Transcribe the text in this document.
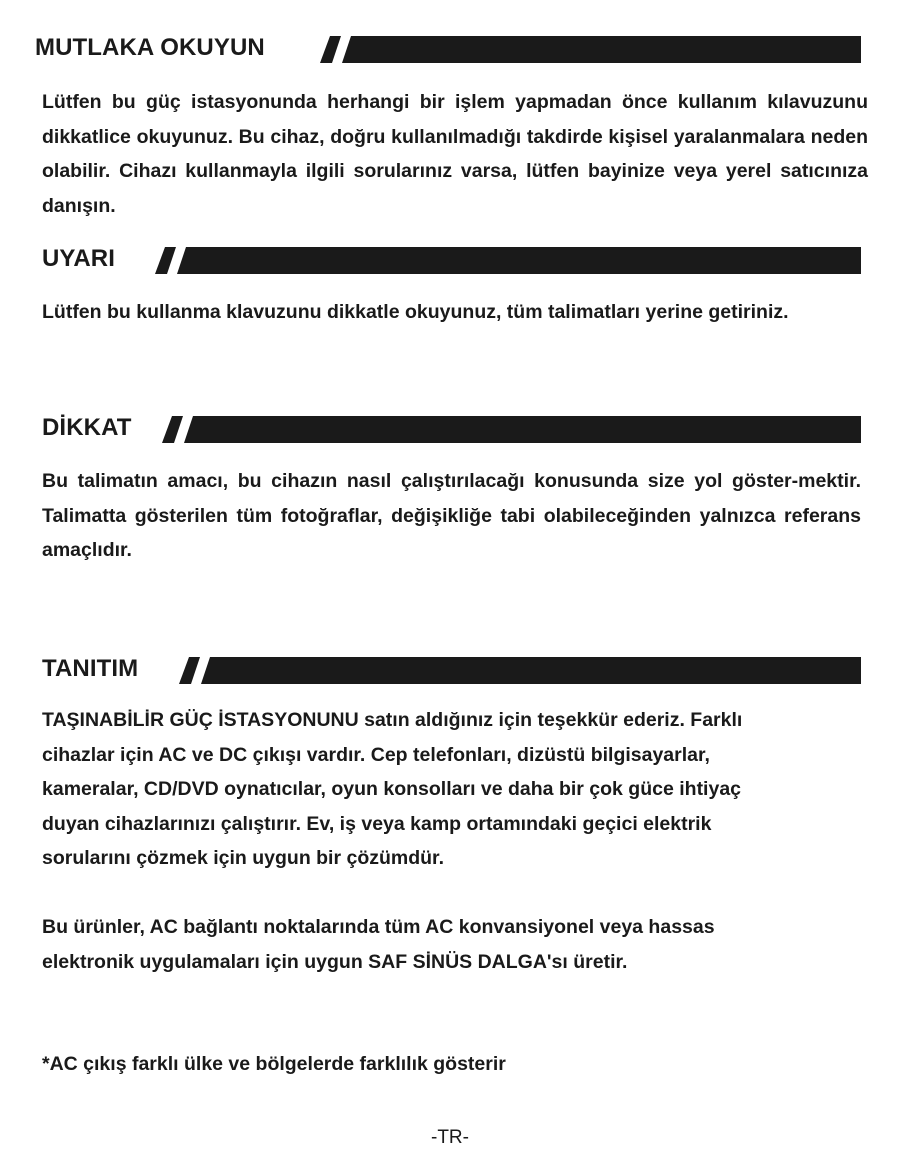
MUTLAKA OKUYUN
Lütfen bu güç istasyonunda herhangi bir işlem yapmadan önce kullanım kılavuzunu dikkatlice okuyunuz. Bu cihaz, doğru kullanılmadığı takdirde kişisel yaralanmalara neden olabilir. Cihazı kullanmayla ilgili sorularınız varsa, lütfen bayinize veya yerel satıcınıza danışın.
UYARI
Lütfen bu kullanma klavuzunu dikkatle okuyunuz, tüm talimatları yerine getiriniz.
DİKKAT
Bu talimatın amacı, bu cihazın nasıl çalıştırılacağı konusunda size yol göster-mektir. Talimatta gösterilen tüm fotoğraflar, değişikliğe tabi olabileceğinden yalnızca referans amaçlıdır.
TANITIM
TAŞINABİLİR GÜÇ İSTASYONUNU satın aldığınız için teşekkür ederiz. Farklı
cihazlar için AC ve DC çıkışı vardır. Cep telefonları, dizüstü bilgisayarlar,
kameralar, CD/DVD oynatıcılar, oyun konsolları ve daha bir çok güce ihtiyaç
duyan cihazlarınızı çalıştırır. Ev, iş veya kamp ortamındaki geçici elektrik
sorularını çözmek için uygun bir çözümdür.
Bu ürünler, AC bağlantı noktalarında tüm AC konvansiyonel veya hassas
elektronik uygulamaları için uygun SAF SİNÜS DALGA'sı üretir.
*AC çıkış farklı ülke ve bölgelerde farklılık gösterir
-TR-
